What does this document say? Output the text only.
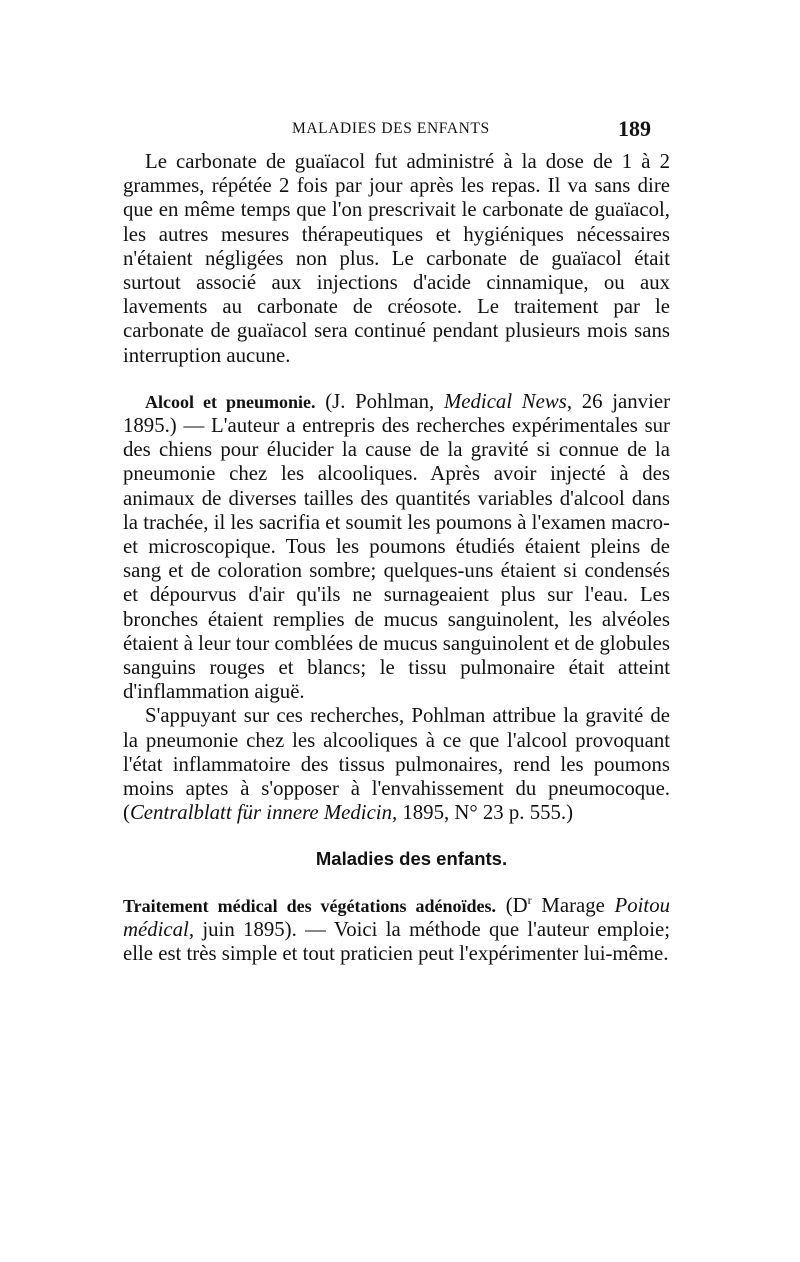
MALADIES DES ENFANTS	189

Le carbonate de guaïacol fut administré à la dose de 1 à 2 grammes, répétée 2 fois par jour après les repas. Il va sans dire que en même temps que l'on prescrivait le carbonate de guaïacol, les autres mesures thérapeutiques et hygiéniques nécessaires n'étaient négligées non plus. Le carbonate de guaïacol était surtout associé aux injections d'acide cinnamique, ou aux lavements au carbonate de créosote. Le traitement par le carbonate de guaïacol sera continué pendant plusieurs mois sans interruption aucune.

Alcool et pneumonie. (J. Pohlman, Medical News, 26 janvier 1895.) — L'auteur a entrepris des recherches expérimentales sur des chiens pour élucider la cause de la gravité si connue de la pneumonie chez les alcooliques. Après avoir injecté à des animaux de diverses tailles des quantités variables d'alcool dans la trachée, il les sacrifia et soumit les poumons à l'examen macro- et microscopique. Tous les poumons étudiés étaient pleins de sang et de coloration sombre; quelques-uns étaient si condensés et dépourvus d'air qu'ils ne surnageaient plus sur l'eau. Les bronches étaient remplies de mucus sanguinolent, les alvéoles étaient à leur tour comblées de mucus sanguinolent et de globules sanguins rouges et blancs; le tissu pulmonaire était atteint d'inflammation aiguë.

S'appuyant sur ces recherches, Pohlman attribue la gravité de la pneumonie chez les alcooliques à ce que l'alcool provoquant l'état inflammatoire des tissus pulmonaires, rend les poumons moins aptes à s'opposer à l'envahissement du pneumocoque. (Centralblatt für innere Medicin, 1895, N° 23 p. 555.)

Maladies des enfants.

Traitement médical des végétations adénoïdes. ($D^r$ Marage Poitou médical, juin 1895). — Voici la méthode que l'auteur emploie; elle est très simple et tout praticien peut l'expérimenter lui-même.
